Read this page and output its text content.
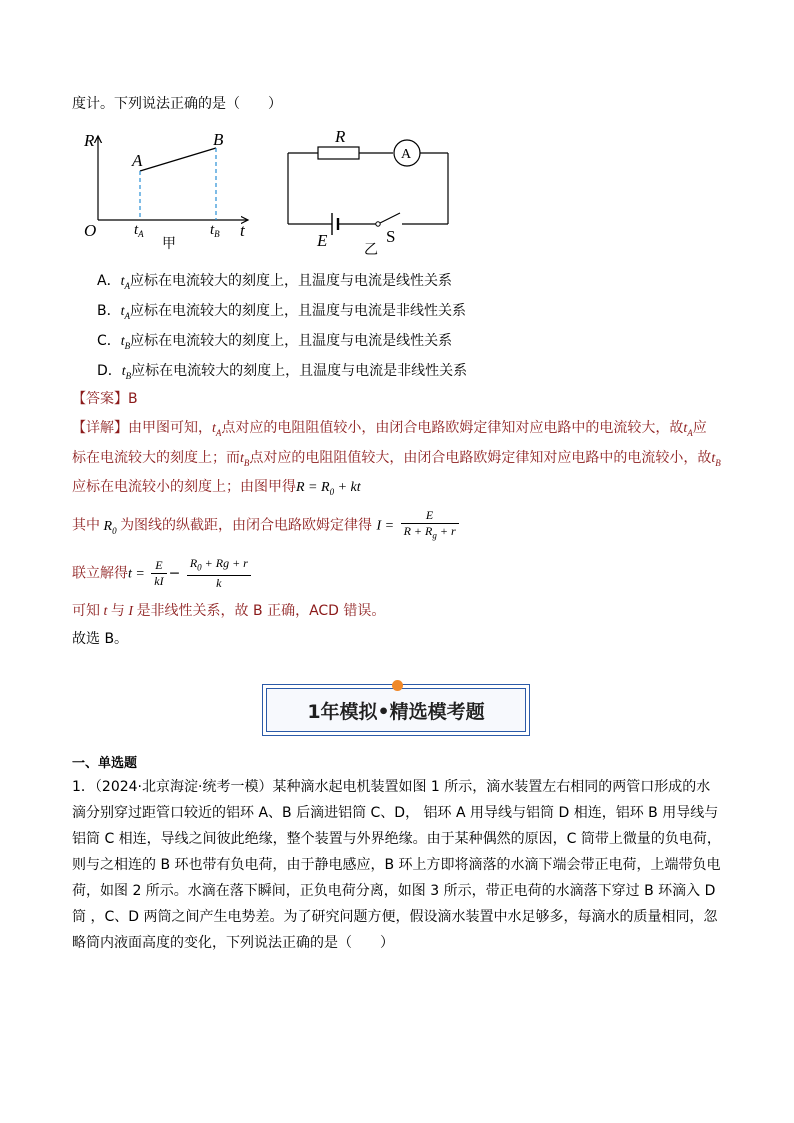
度计。下列说法正确的是（　　）
R
t
O
A
B
$t_A$	$t_B$
甲
R
A
E	S
乙
A．$t_A$应标在电流较大的刻度上，且温度与电流是线性关系
B．$t_A$应标在电流较大的刻度上，且温度与电流是非线性关系
C．$t_B$应标在电流较大的刻度上，且温度与电流是线性关系
D．$t_B$应标在电流较大的刻度上，且温度与电流是非线性关系
【答案】B
【详解】由甲图可知，$t_A$点对应的电阻阻值较小，由闭合电路欧姆定律知对应电路中的电流较大，故$t_A$应
标在电流较大的刻度上；而$t_B$点对应的电阻阻值较大，由闭合电路欧姆定律知对应电路中的电流较小，故$t_B$
应标在电流较小的刻度上；由图甲得$R = R_0$ + kt
其中 $R_0$ 为图线的纵截距，由闭合电路欧姆定律得 $I = \frac{E}{R + R_g + r}$
联立解得$t = \frac{E}{kI} - \frac{R_0 + Rg + r}{k}$
可知 t 与 I 是非线性关系，故 B 正确，ACD 错误。
故选 B。
1年模拟•精选模考题
一、单选题
1．（2024·北京海淀·统考一模）某种滴水起电机装置如图 1 所示，滴水装置左右相同的两管口形成的水滴分别穿过距管口较近的铝环 A、B 后滴进铝筒 C、D， 铝环 A 用导线与铝筒 D 相连，铝环 B 用导线与铝筒 C 相连，导线之间彼此绝缘，整个装置与外界绝缘。由于某种偶然的原因，C 筒带上微量的负电荷，则与之相连的 B 环也带有负电荷，由于静电感应，B 环上方即将滴落的水滴下端会带正电荷，上端带负电荷，如图 2 所示。水滴在落下瞬间，正负电荷分离，如图 3 所示，带正电荷的水滴落下穿过 B 环滴入 D 筒 ，C、D 两筒之间产生电势差。为了研究问题方便，假设滴水装置中水足够多，每滴水的质量相同，忽略筒内液面高度的变化，下列说法正确的是（　　）
